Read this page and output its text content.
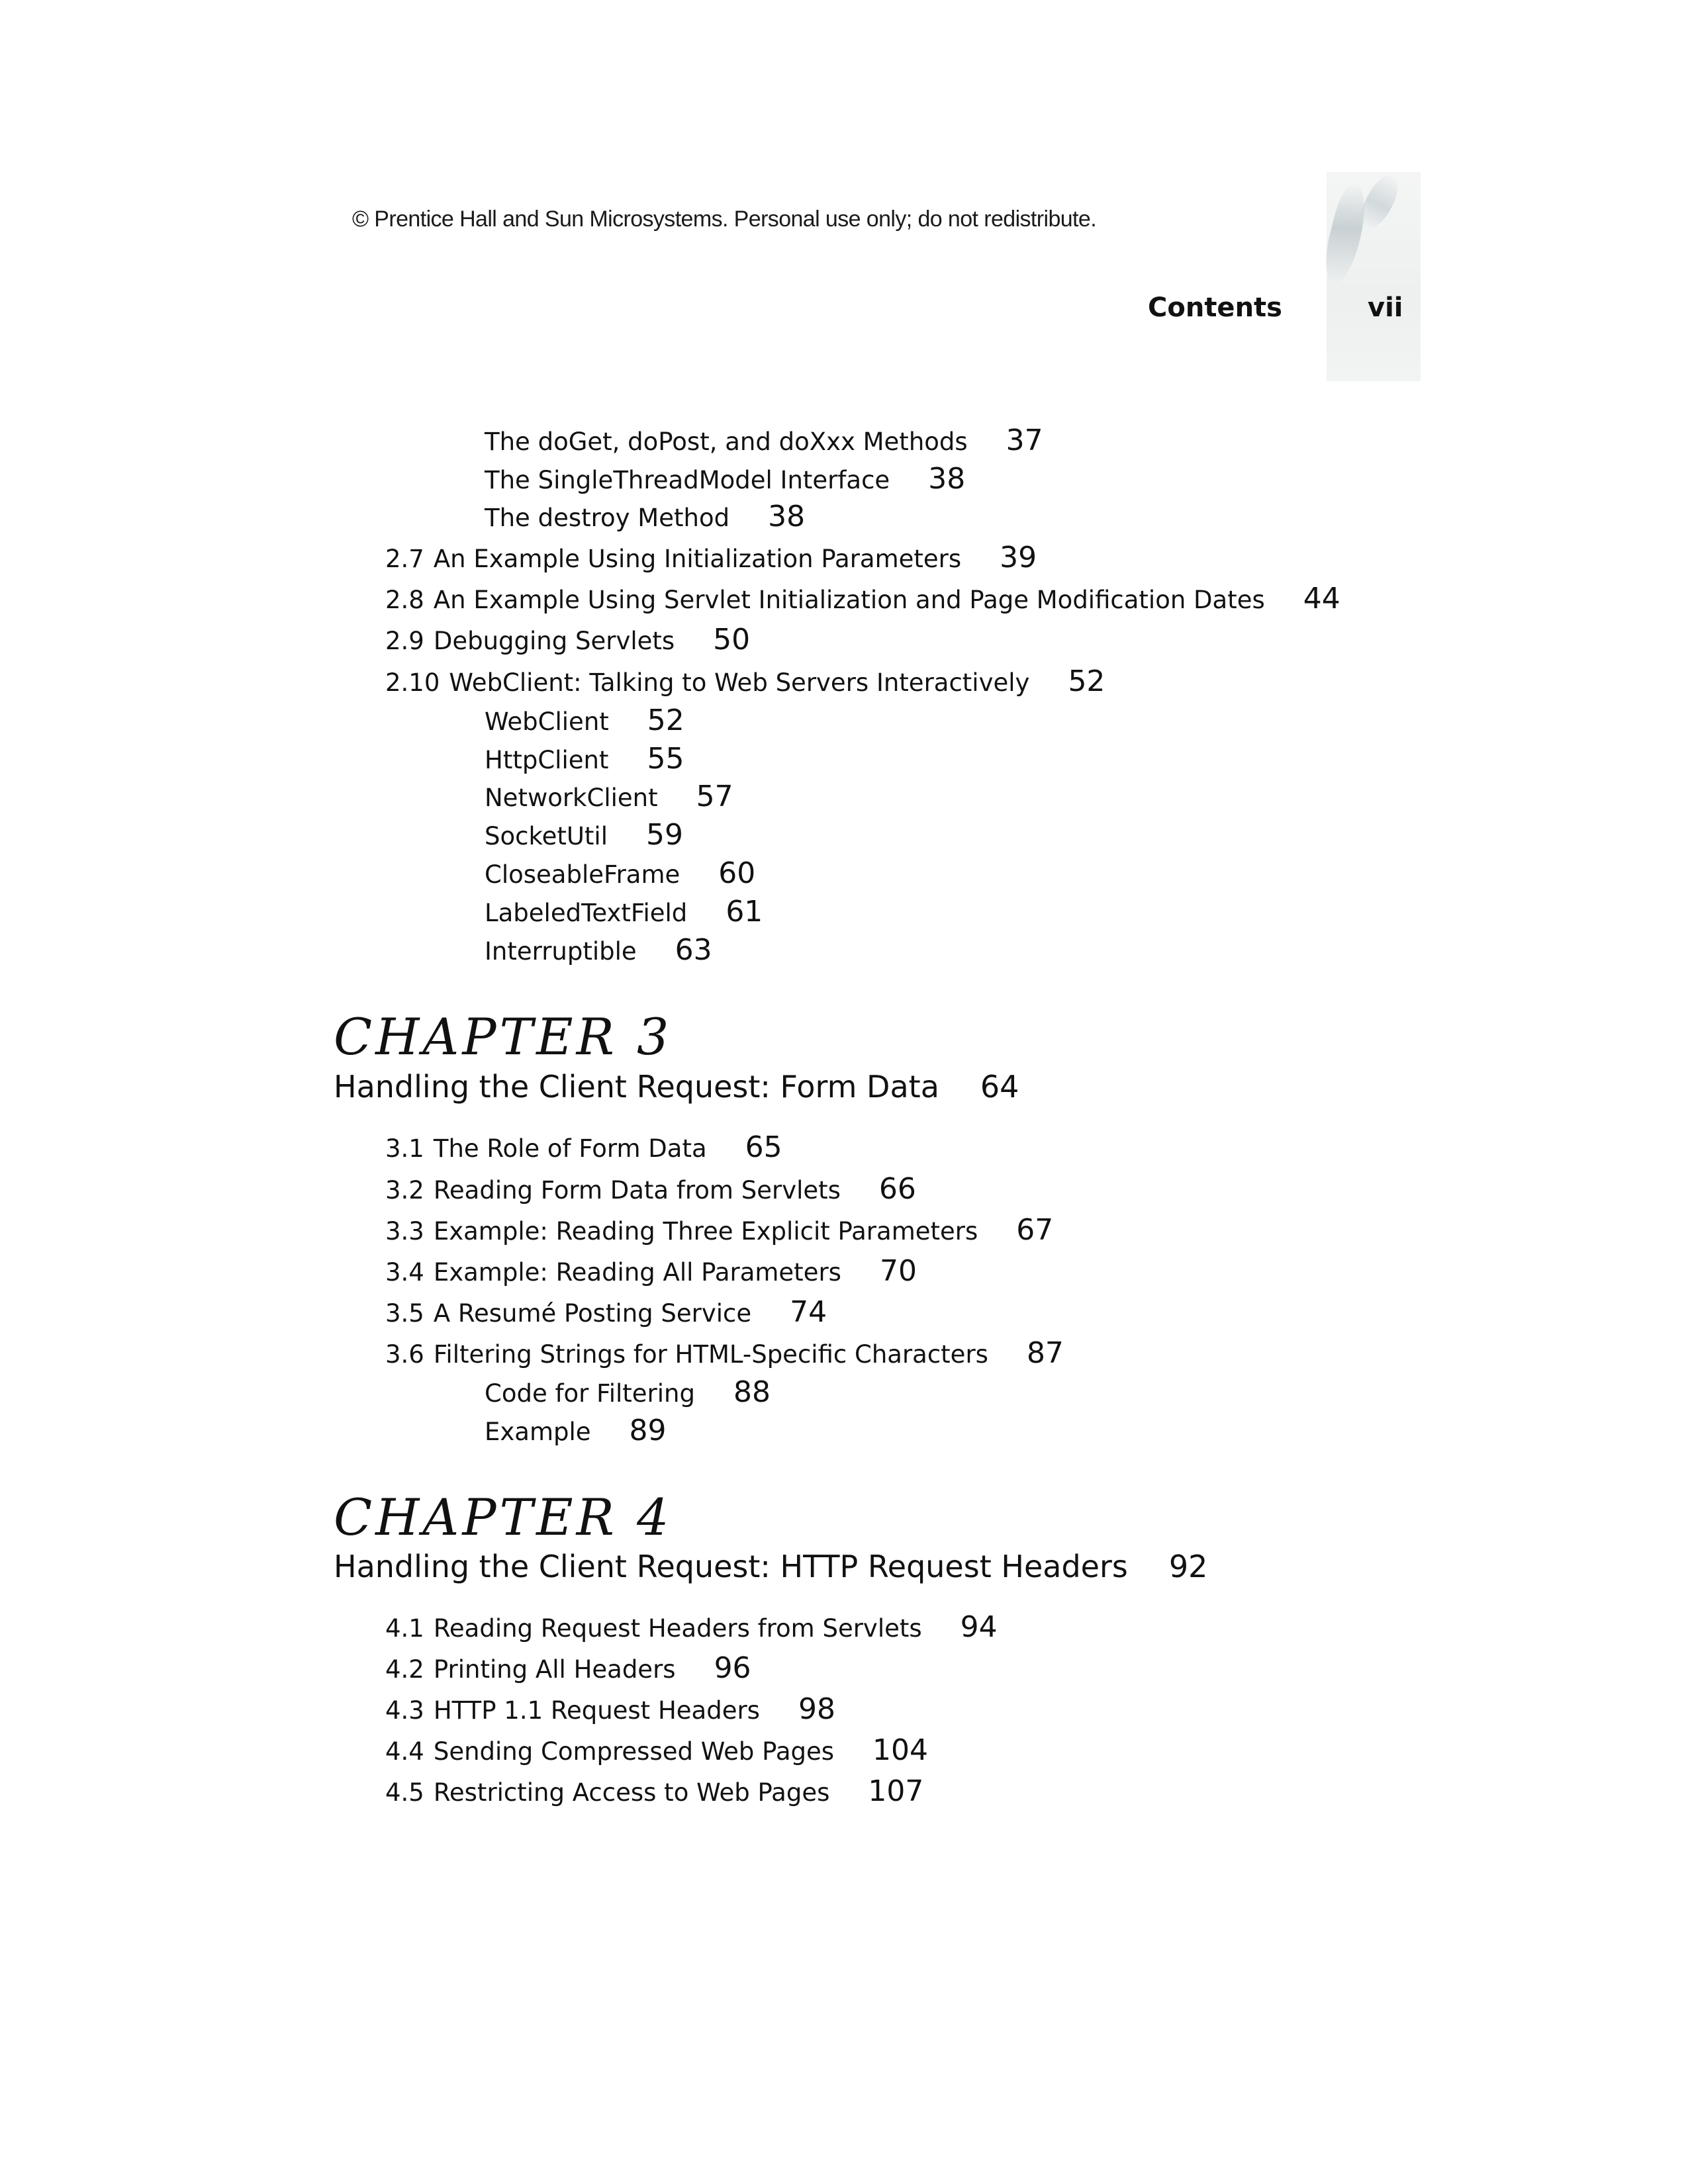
© Prentice Hall and Sun Microsystems. Personal use only; do not redistribute.
Contents	vii
The doGet, doPost, and doXxx Methods 37
The SingleThreadModel Interface 38
The destroy Method 38
2.7 An Example Using Initialization Parameters 39
2.8 An Example Using Servlet Initialization and Page Modification Dates 44
2.9 Debugging Servlets 50
2.10 WebClient: Talking to Web Servers Interactively 52
WebClient 52
HttpClient 55
NetworkClient 57
SocketUtil 59
CloseableFrame 60
LabeledTextField 61
Interruptible 63
CHAPTER 3
Handling the Client Request: Form Data 64
3.1 The Role of Form Data 65
3.2 Reading Form Data from Servlets 66
3.3 Example: Reading Three Explicit Parameters 67
3.4 Example: Reading All Parameters 70
3.5 A Resumé Posting Service 74
3.6 Filtering Strings for HTML-Specific Characters 87
Code for Filtering 88
Example 89
CHAPTER 4
Handling the Client Request: HTTP Request Headers 92
4.1 Reading Request Headers from Servlets 94
4.2 Printing All Headers 96
4.3 HTTP 1.1 Request Headers 98
4.4 Sending Compressed Web Pages 104
4.5 Restricting Access to Web Pages 107
